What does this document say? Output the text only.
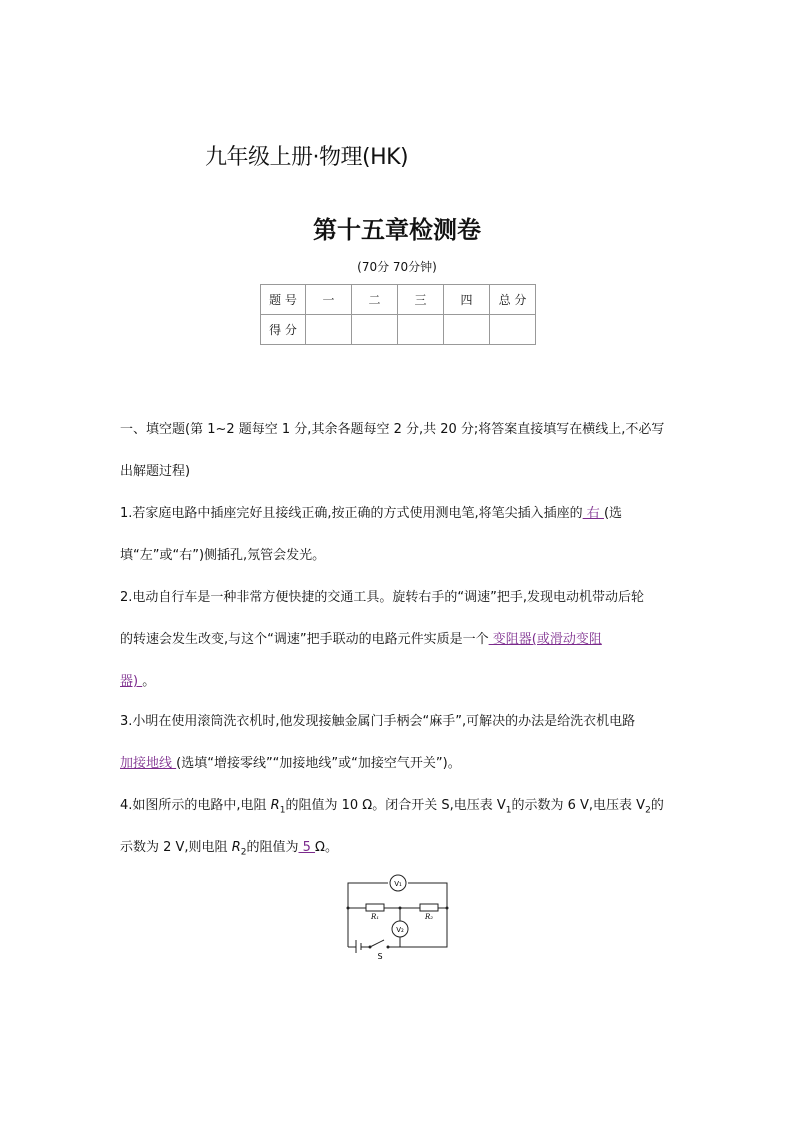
九年级上册·物理(HK)
第十五章检测卷
(70分 70分钟)
题 号	一	二	三	四	总 分
得 分					
一、填空题(第 1~2 题每空 1 分,其余各题每空 2 分,共 20 分;将答案直接填写在横线上,不必写
出解题过程)
1.若家庭电路中插座完好且接线正确,按正确的方式使用测电笔,将笔尖插入插座的 右 (选
填“左”或“右”)侧插孔,氖管会发光。
2.电动自行车是一种非常方便快捷的交通工具。旋转右手的“调速”把手,发现电动机带动后轮
的转速会发生改变,与这个“调速”把手联动的电路元件实质是一个 变阻器(或滑动变阻
器) 。
3.小明在使用滚筒洗衣机时,他发现接触金属门手柄会“麻手”,可解决的办法是给洗衣机电路
加接地线 (选填“增接零线”“加接地线”或“加接空气开关”)。
4.如图所示的电路中,电阻 $R_1$的阻值为 10 Ω。闭合开关 S,电压表 $V_1$的示数为 6 V,电压表 $V_2$的
示数为 2 V,则电阻 $R_2$的阻值为 5 Ω。
V₁
V₂
R₁	R₂
S
